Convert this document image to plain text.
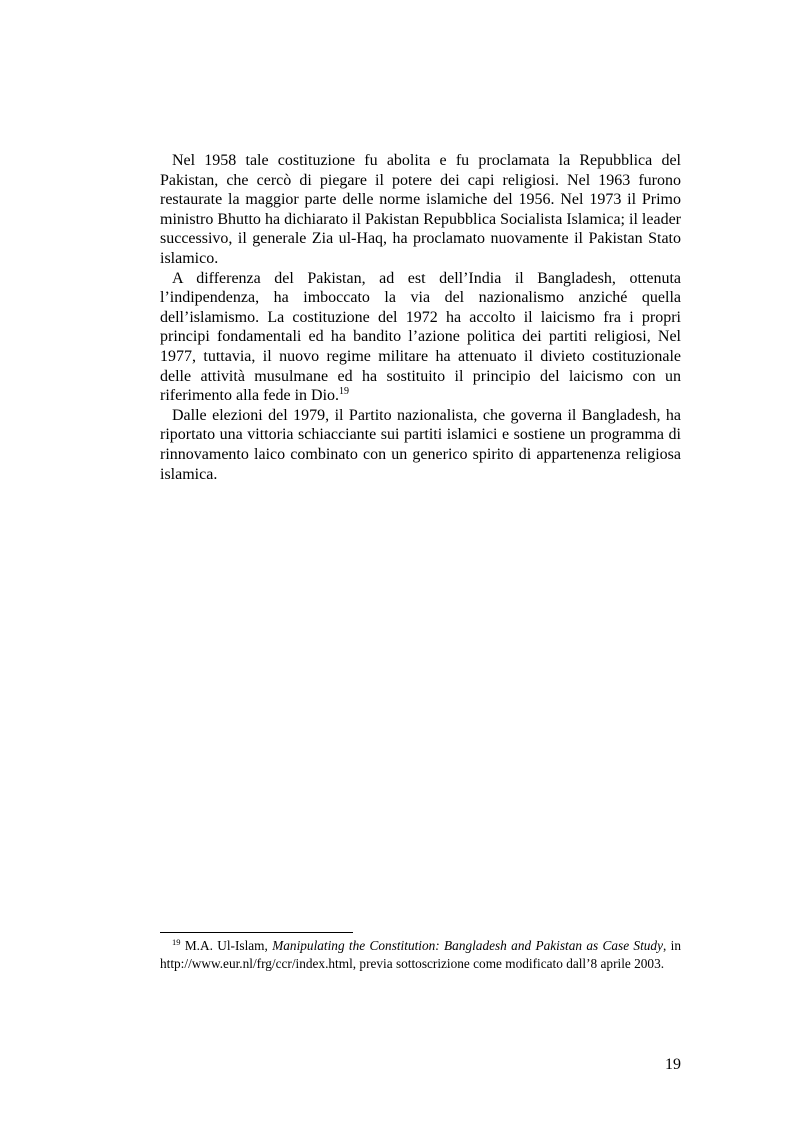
Nel 1958 tale costituzione fu abolita e fu proclamata la Repubblica del Pakistan, che cercò di piegare il potere dei capi religiosi. Nel 1963 furono restaurate la maggior parte delle norme islamiche del 1956. Nel 1973 il Primo ministro Bhutto ha dichiarato il Pakistan Repubblica Socialista Islamica; il leader successivo, il generale Zia ul-Haq, ha proclamato nuovamente il Pakistan Stato islamico.

A differenza del Pakistan, ad est dell’India il Bangladesh, ottenuta l’indipendenza, ha imboccato la via del nazionalismo anziché quella dell’islamismo. La costituzione del 1972 ha accolto il laicismo fra i propri principi fondamentali ed ha bandito l’azione politica dei partiti religiosi, Nel 1977, tuttavia, il nuovo regime militare ha attenuato il divieto costituzionale delle attività musulmane ed ha sostituito il principio del laicismo con un riferimento alla fede in Dio.$^{19}$

Dalle elezioni del 1979, il Partito nazionalista, che governa il Bangladesh, ha riportato una vittoria schiacciante sui partiti islamici e sostiene un programma di rinnovamento laico combinato con un generico spirito di appartenenza religiosa islamica.

$^{19}$ M.A. Ul-Islam, Manipulating the Constitution: Bangladesh and Pakistan as Case Study, in http://www.eur.nl/frg/ccr/index.html, previa sottoscrizione come modificato dall’8 aprile 2003.

19
